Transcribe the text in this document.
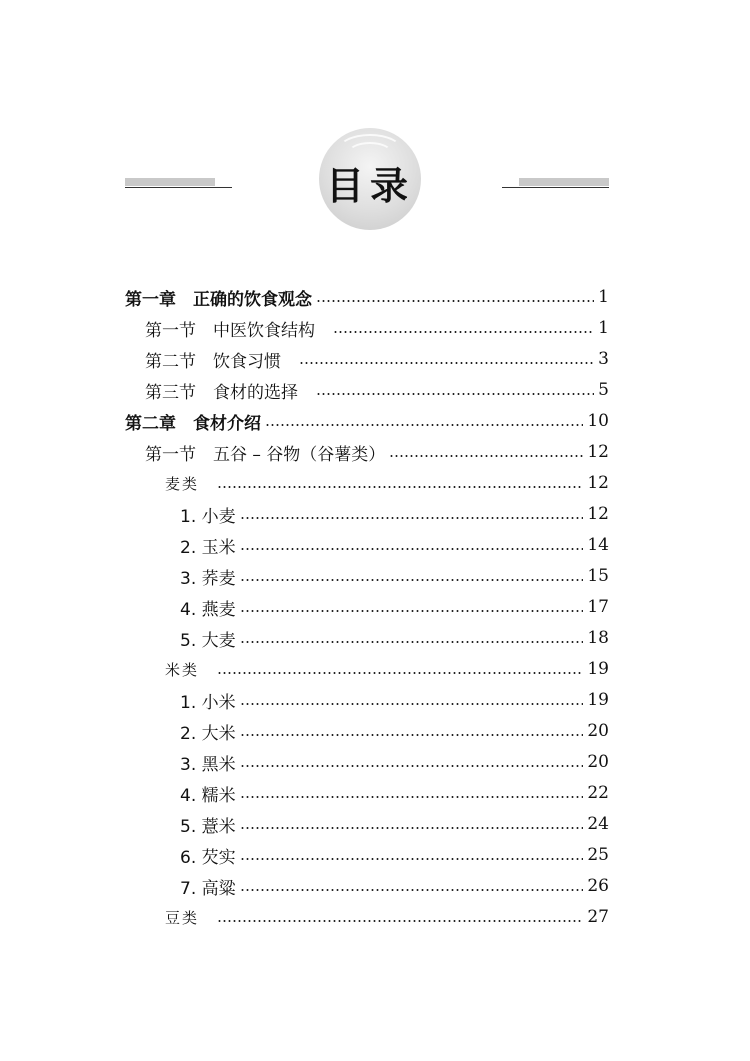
目录
第一章　正确的饮食观念	1
第一节　中医饮食结构	1
第二节　饮食习惯	3
第三节　食材的选择	5
第二章　食材介绍	10
第一节　五谷 – 谷物（谷薯类）	12
麦类	12
1. 小麦	12
2. 玉米	14
3. 荞麦	15
4. 燕麦	17
5. 大麦	18
米类	19
1. 小米	19
2. 大米	20
3. 黑米	20
4. 糯米	22
5. 薏米	24
6. 芡实	25
7. 高粱	26
豆类	27
